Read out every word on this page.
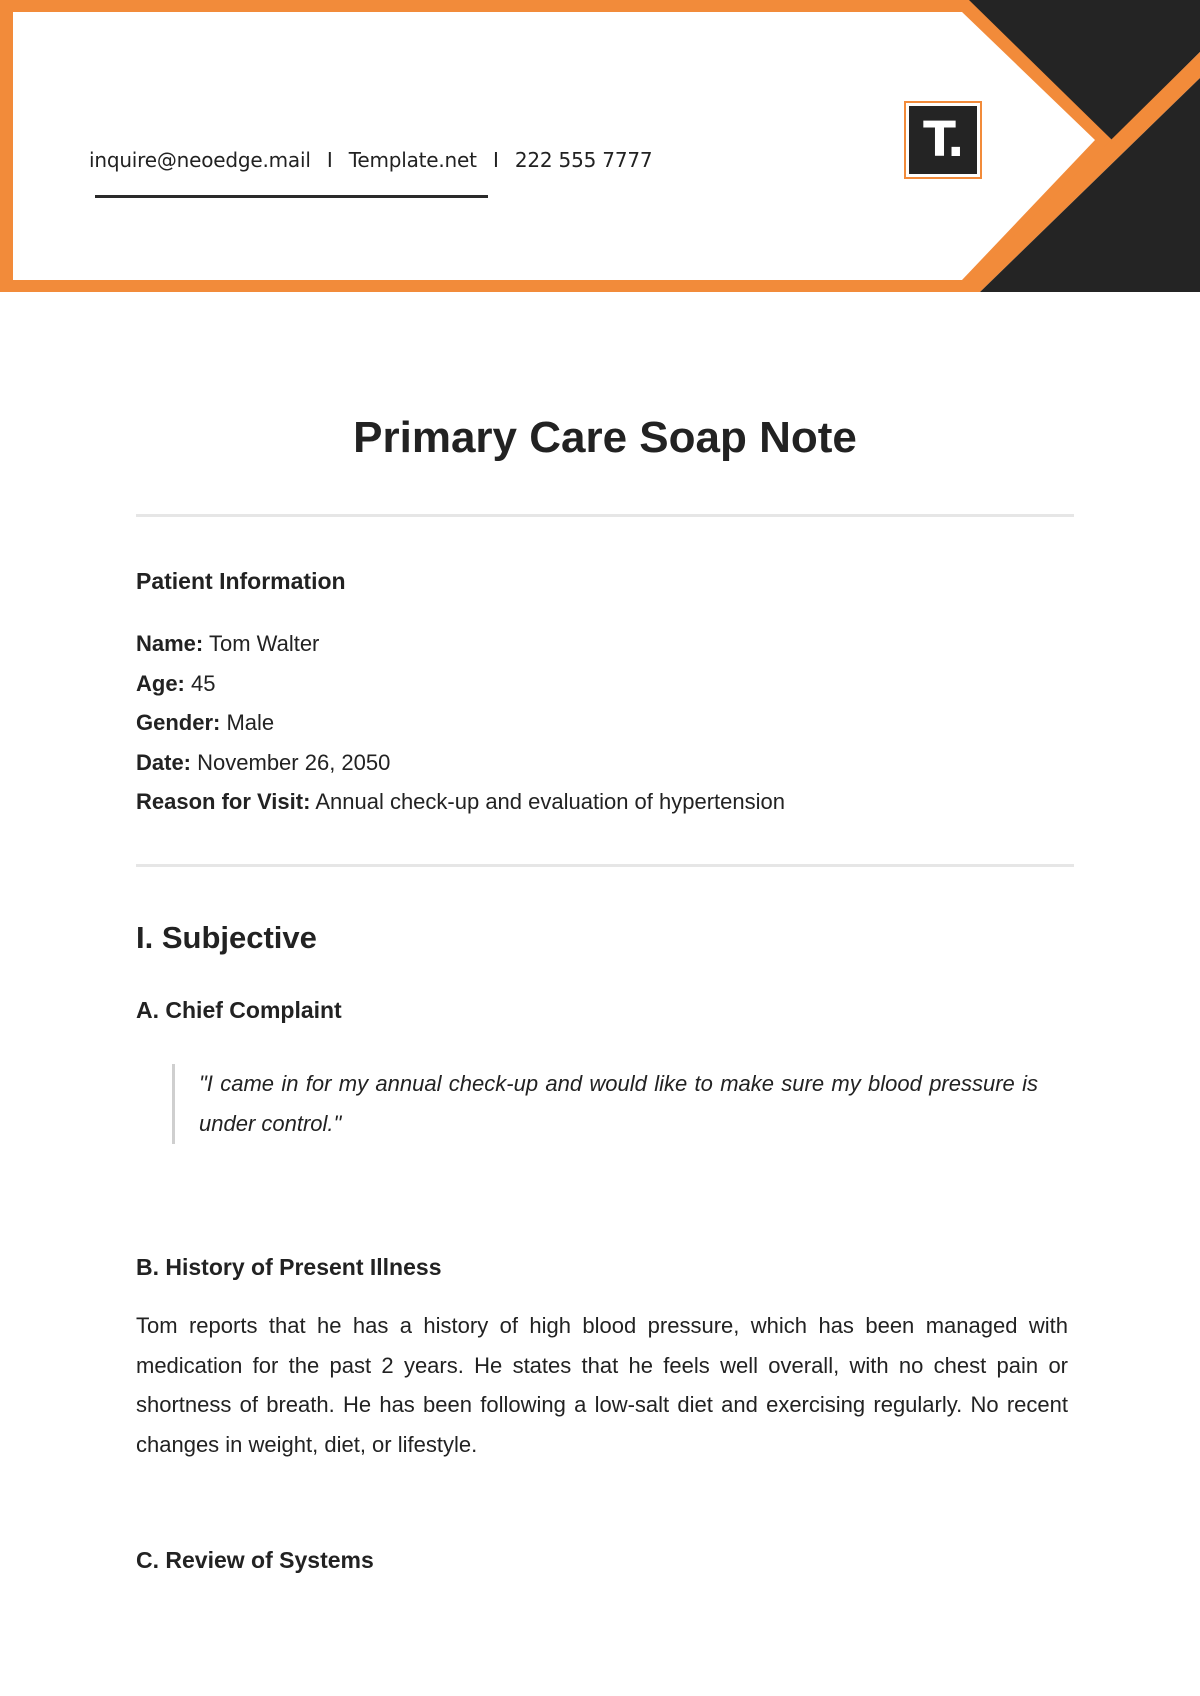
inquire@neoedge.mail I Template.net I 222 555 7777	T.
Primary Care Soap Note
Patient Information
Name: Tom Walter
Age: 45
Gender: Male
Date: November 26, 2050
Reason for Visit: Annual check-up and evaluation of hypertension
I. Subjective
A. Chief Complaint
"I came in for my annual check-up and would like to make sure my blood pressure is under control."
B. History of Present Illness

Tom reports that he has a history of high blood pressure, which has been managed with medication for the past 2 years. He states that he feels well overall, with no chest pain or shortness of breath. He has been following a low-salt diet and exercising regularly. No recent changes in weight, diet, or lifestyle.

C. Review of Systems
